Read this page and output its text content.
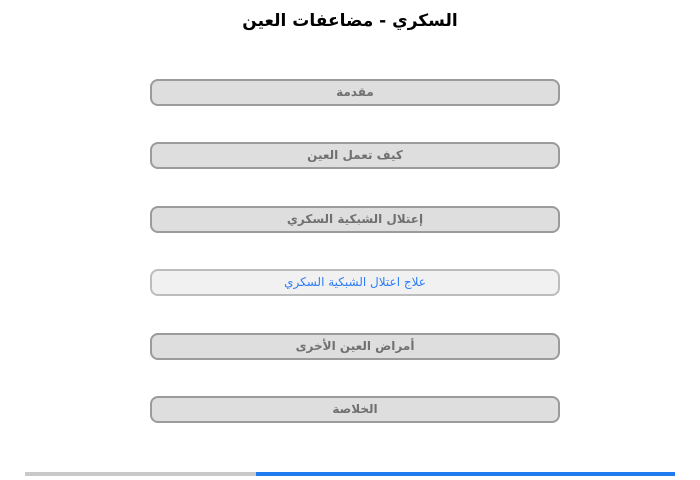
السكري - مضاعفات العين
مقدمة
كيف تعمل العين
إعتلال الشبكية السكري
علاج اعتلال الشبكية السكري
أمراض العين الأخرى
الخلاصة
